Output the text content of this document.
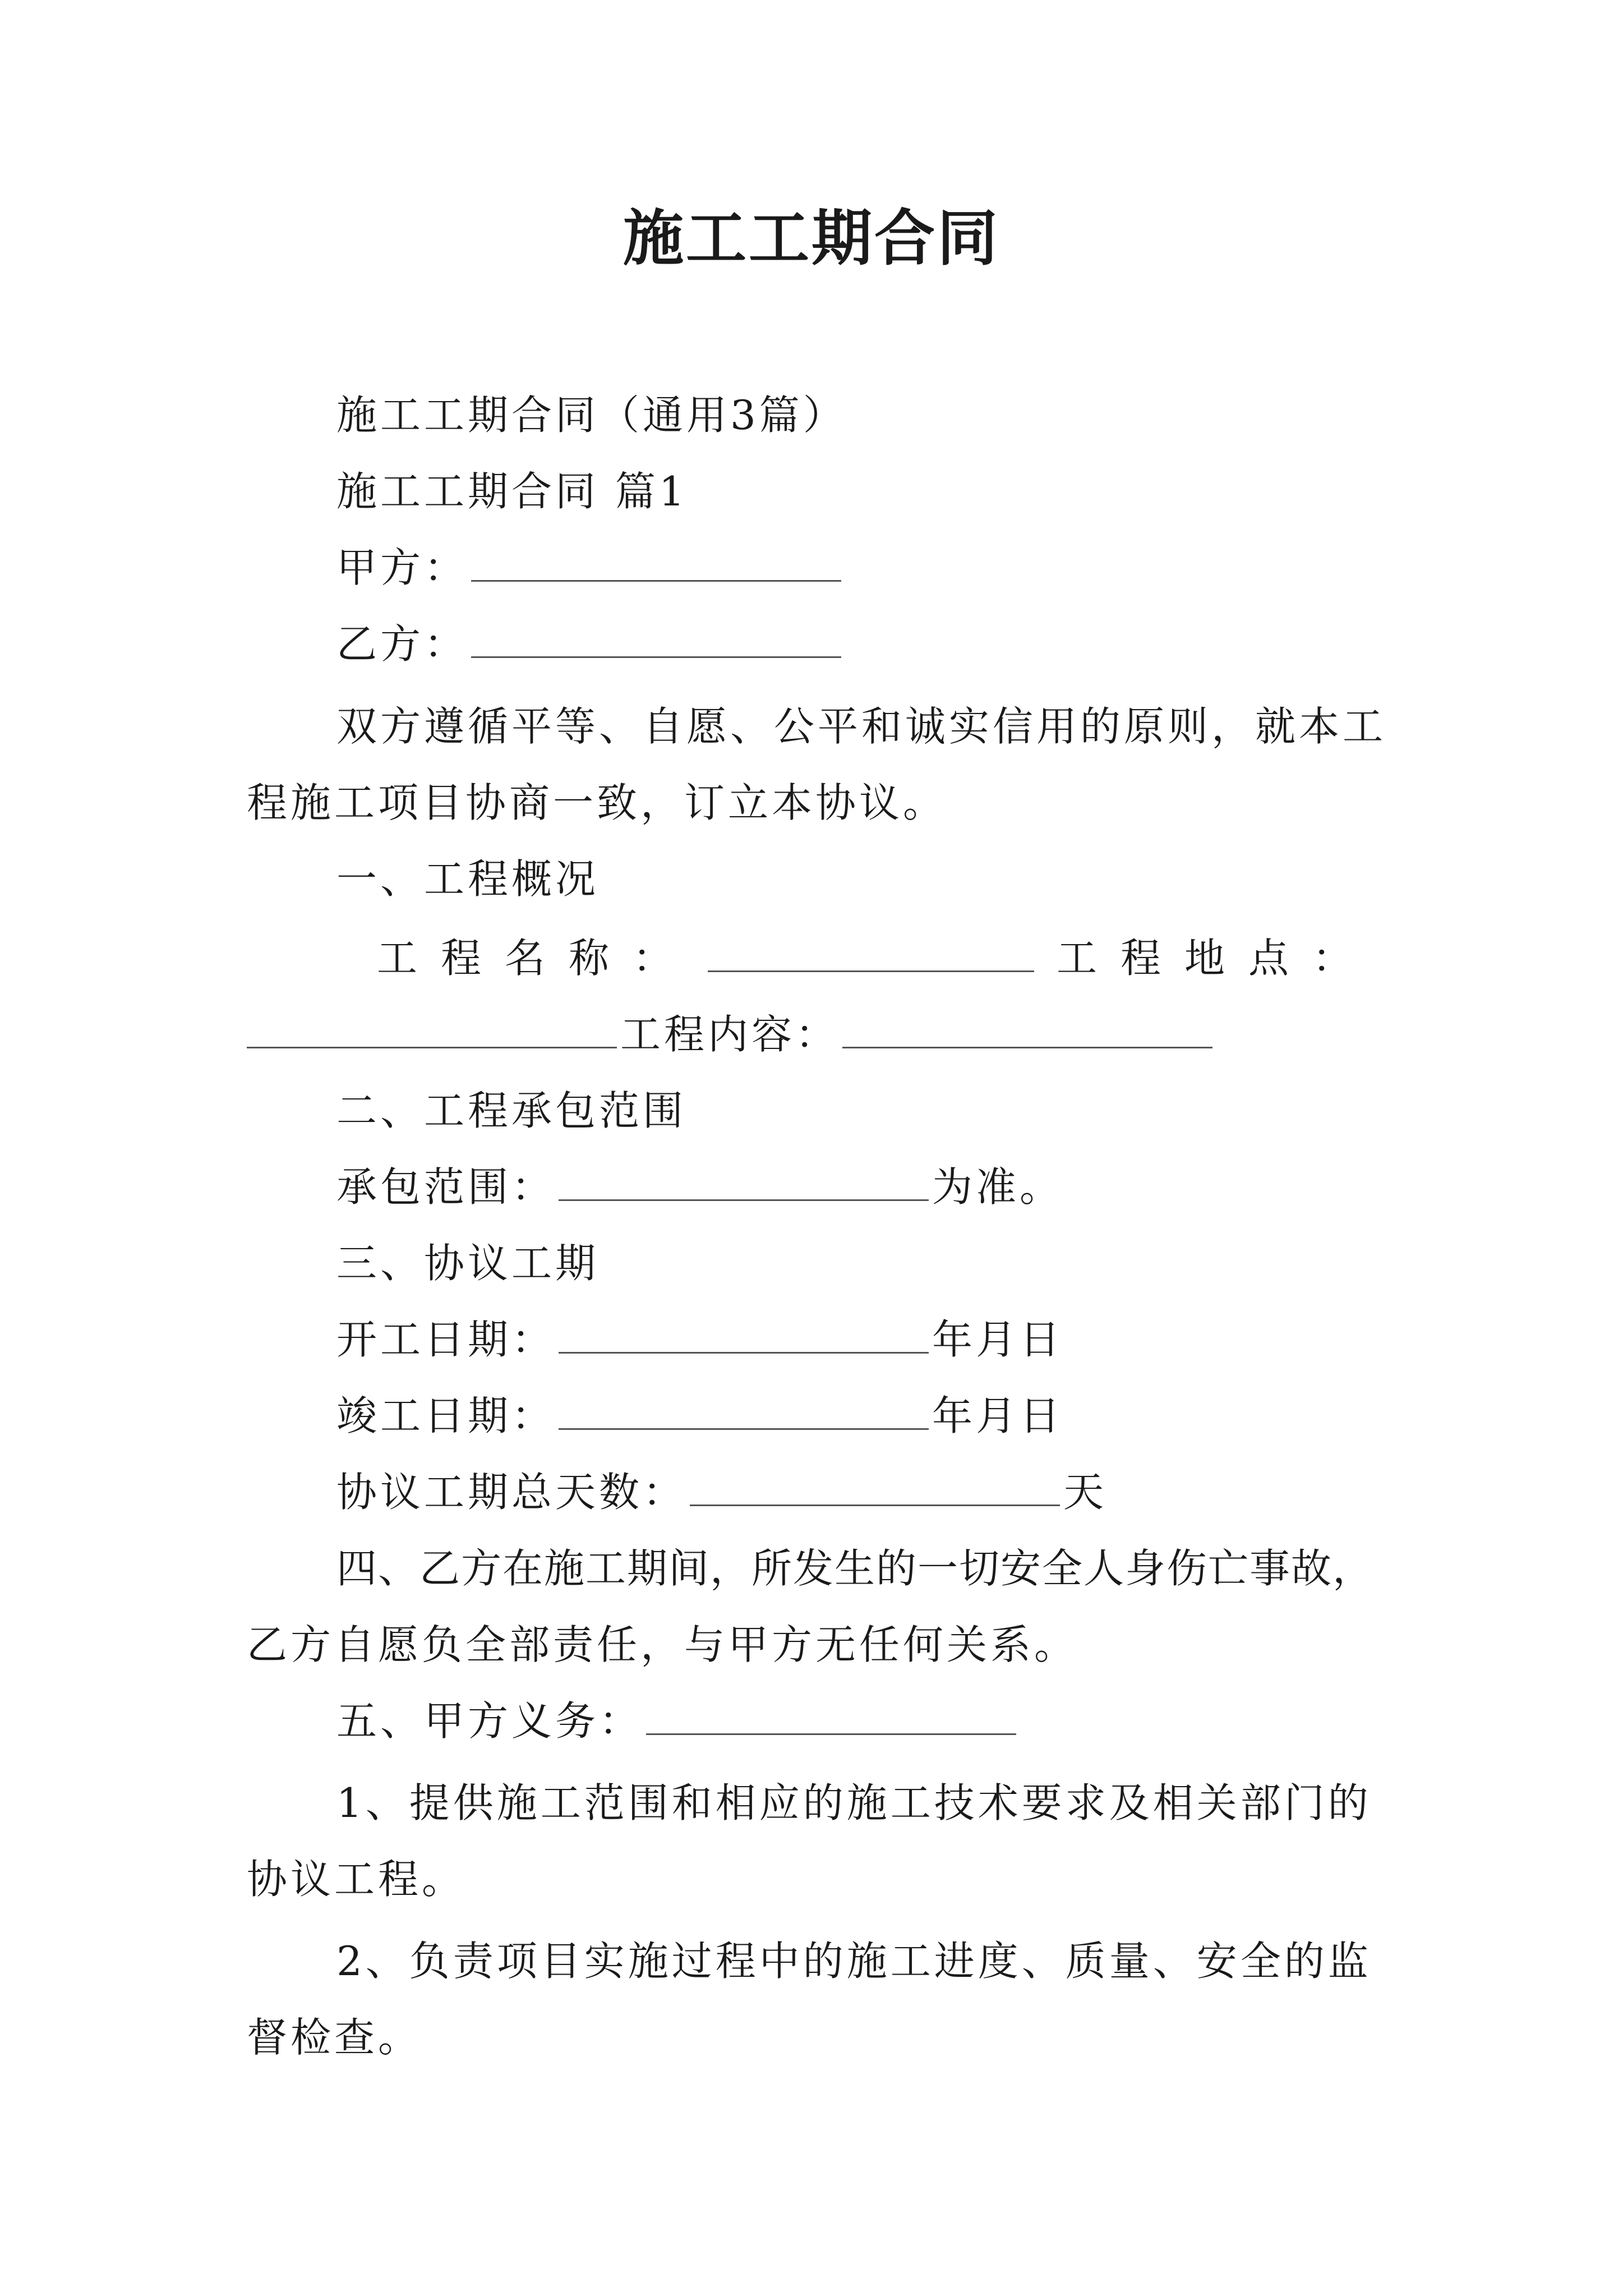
施工工期合同
施工工期合同（通用3篇）
施工工期合同 篇1
甲方：
乙方：
双方遵循平等、自愿、公平和诚实信用的原则，就本工
程施工项目协商一致，订立本协议。
一、工程概况
工程名称：	工程地点：
工程内容：
二、工程承包范围
承包范围：	为准。
三、协议工期
开工日期：	年月日
竣工日期：	年月日
协议工期总天数：	天
四、乙方在施工期间，所发生的一切安全人身伤亡事故，
乙方自愿负全部责任，与甲方无任何关系。
五、甲方义务：
1、提供施工范围和相应的施工技术要求及相关部门的
协议工程。
2、负责项目实施过程中的施工进度、质量、安全的监
督检查。
